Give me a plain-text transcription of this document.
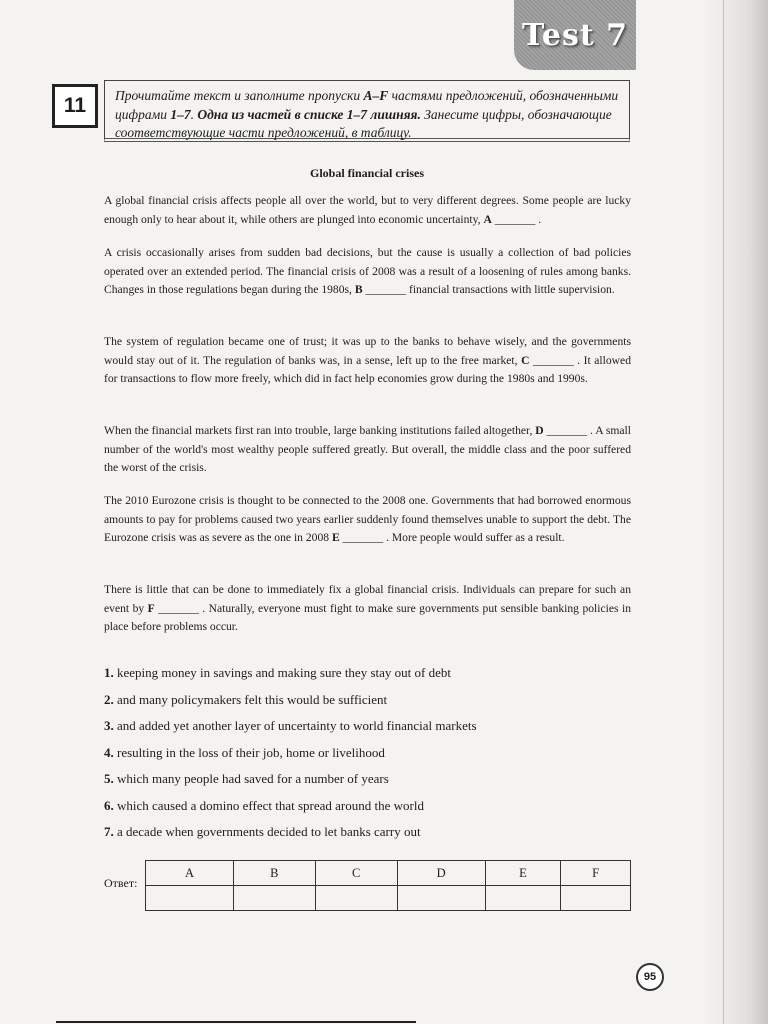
Test 7
11	Прочитайте текст и заполните пропуски A–F частями предложений, обозначенными цифрами 1–7. Одна из частей в списке 1–7 лишняя. Занесите цифры, обозначающие соответствующие части предложений, в таблицу.
Global financial crises
A global financial crisis affects people all over the world, but to very different degrees. Some people are lucky enough only to hear about it, while others are plunged into economic uncertainty, A _______ .
A crisis occasionally arises from sudden bad decisions, but the cause is usually a collection of bad policies operated over an extended period. The financial crisis of 2008 was a result of a loosening of rules among banks. Changes in those regulations began during the 1980s, B _______ financial transactions with little supervision.
The system of regulation became one of trust; it was up to the banks to behave wisely, and the governments would stay out of it. The regulation of banks was, in a sense, left up to the free market, C _______ . It allowed for transactions to flow more freely, which did in fact help economies grow during the 1980s and 1990s.
When the financial markets first ran into trouble, large banking institutions failed altogether, D _______ . A small number of the world's most wealthy people suffered greatly. But overall, the middle class and the poor suffered the worst of the crisis.
The 2010 Eurozone crisis is thought to be connected to the 2008 one. Governments that had borrowed enormous amounts to pay for problems caused two years earlier suddenly found themselves unable to support the debt. The Eurozone crisis was as severe as the one in 2008 E _______ . More people would suffer as a result.
There is little that can be done to immediately fix a global financial crisis. Individuals can prepare for such an event by F _______ . Naturally, everyone must fight to make sure governments put sensible banking policies in place before problems occur.
1. keeping money in savings and making sure they stay out of debt
2. and many policymakers felt this would be sufficient
3. and added yet another layer of uncertainty to world financial markets
4. resulting in the loss of their job, home or livelihood
5. which many people had saved for a number of years
6. which caused a domino effect that spread around the world
7. a decade when governments decided to let banks carry out
Ответ:
A	B	C	D	E	F

95
